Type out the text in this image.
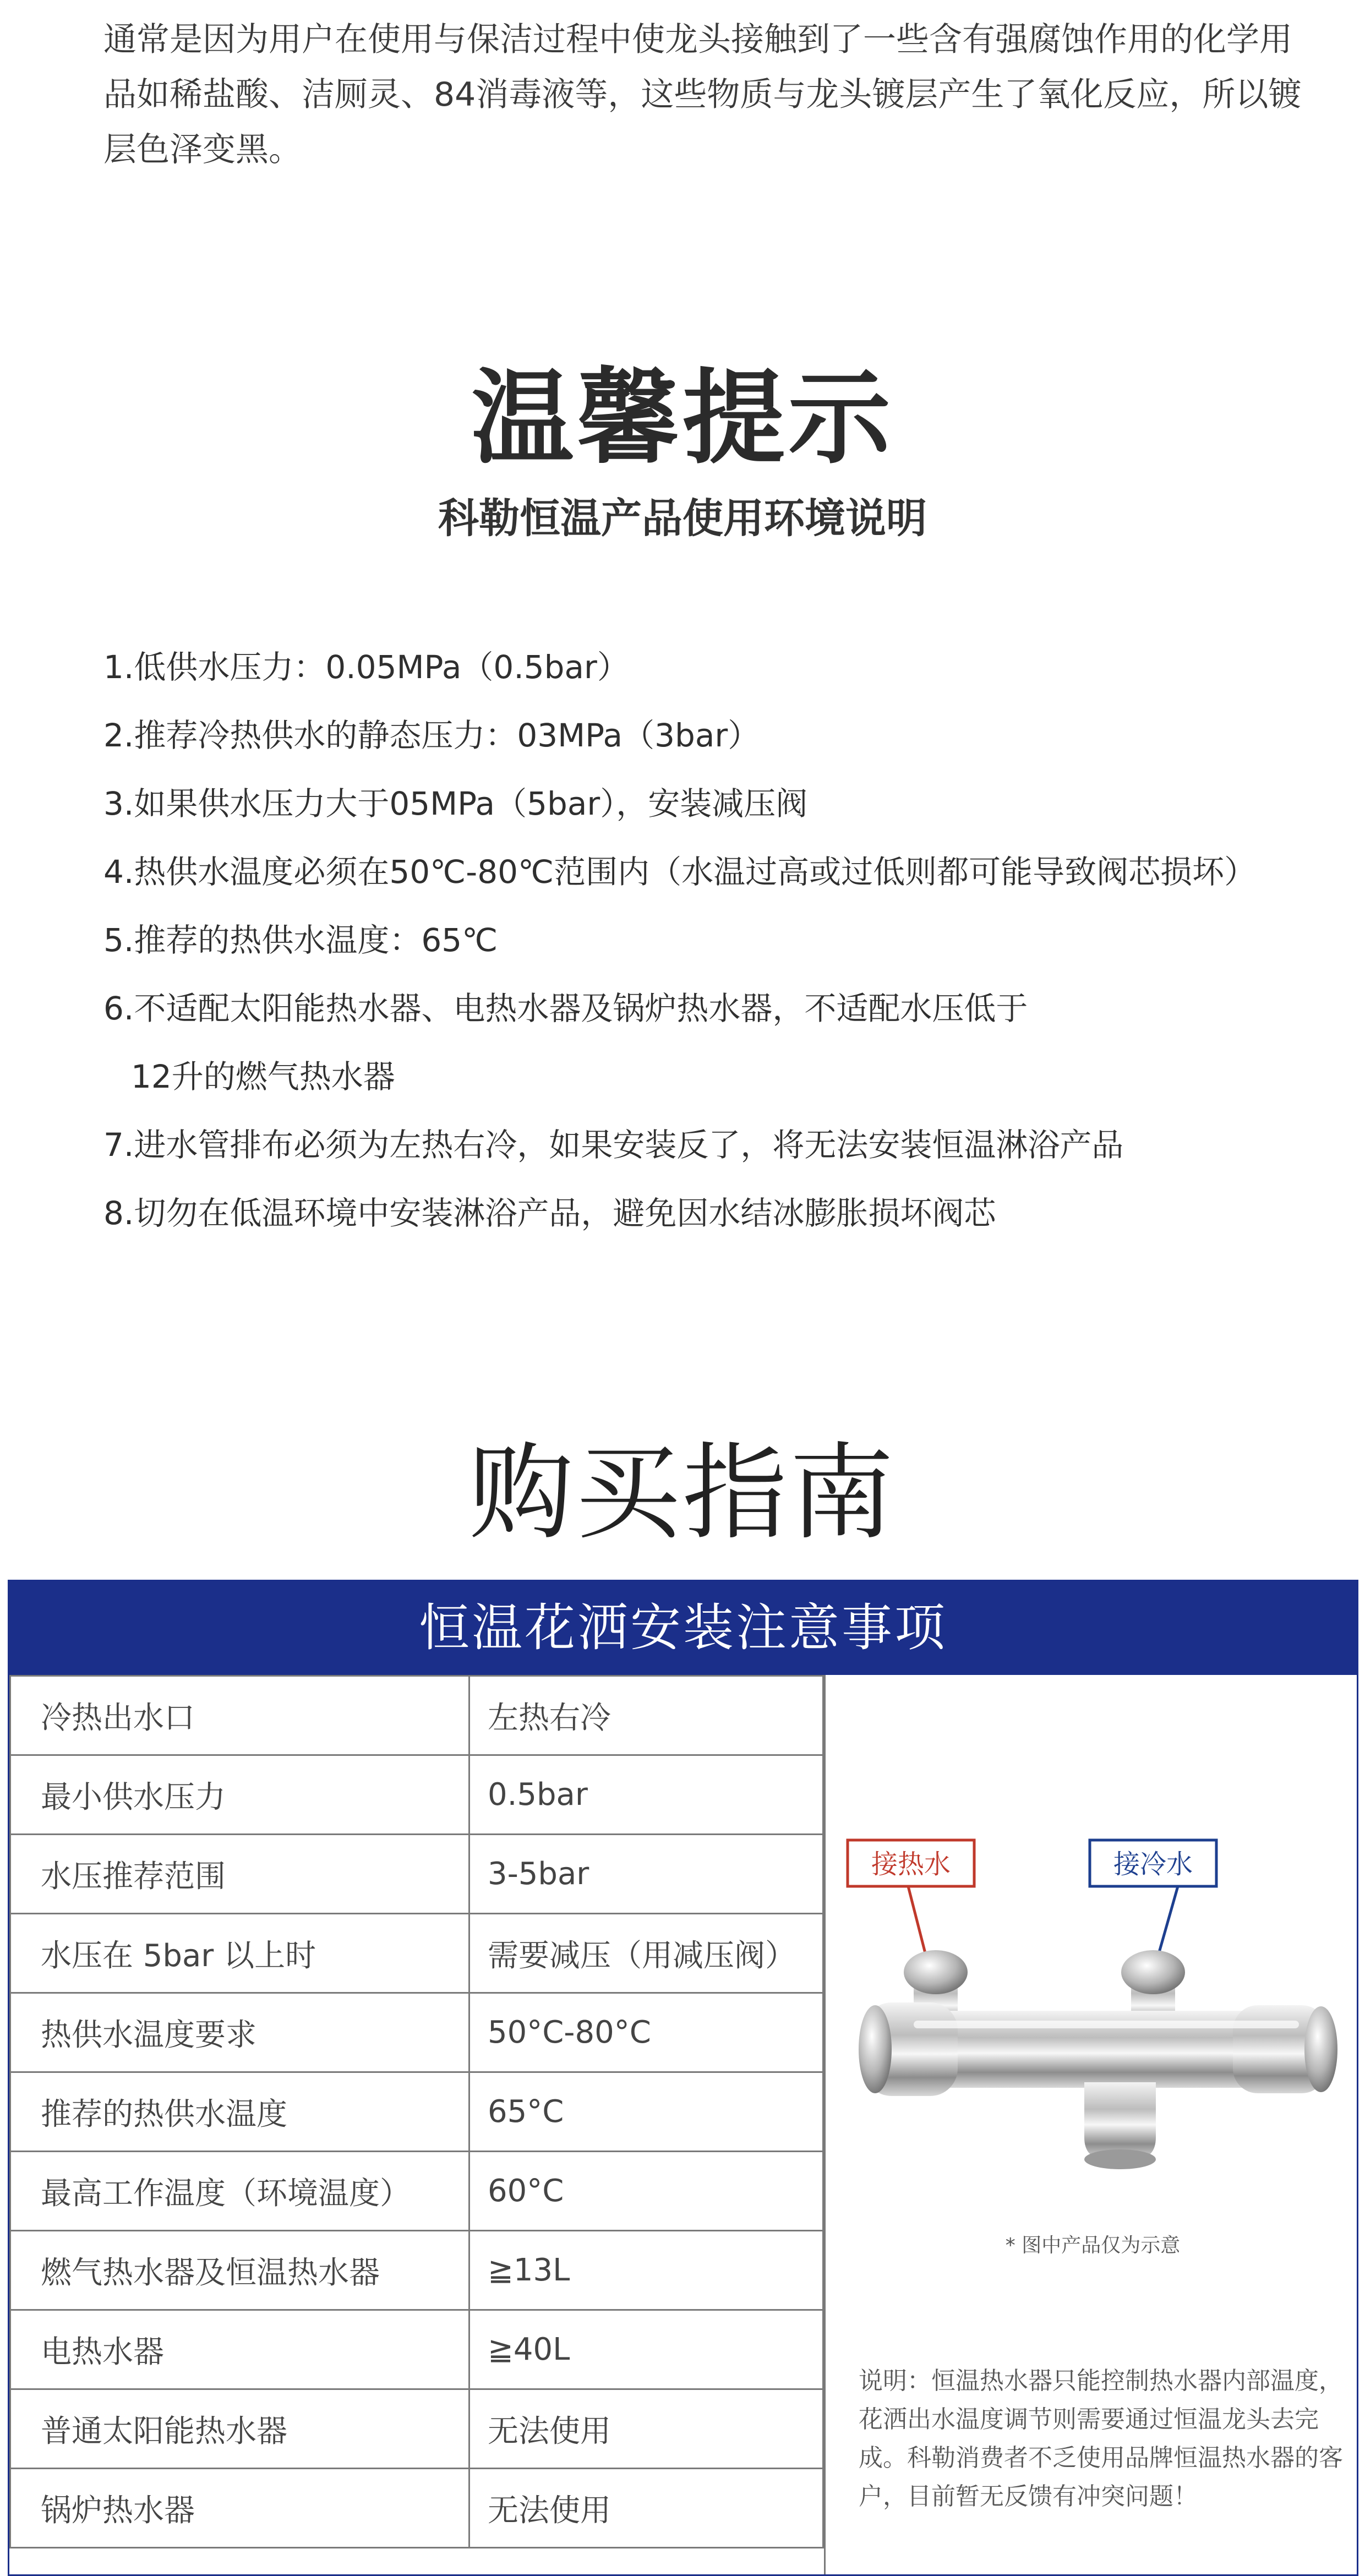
通常是因为用户在使用与保洁过程中使龙头接触到了一些含有强腐蚀作用的化学用品如稀盐酸、洁厕灵、84消毒液等，这些物质与龙头镀层产生了氧化反应，所以镀层色泽变黑。

温馨提示
科勒恒温产品使用环境说明
1.低供水压力：0.05MPa（0.5bar）
2.推荐冷热供水的静态压力：03MPa（3bar）
3.如果供水压力大于05MPa（5bar），安装减压阀
4.热供水温度必须在50℃-80℃范围内（水温过高或过低则都可能导致阀芯损坏）
5.推荐的热供水温度：65℃
6.不适配太阳能热水器、电热水器及锅炉热水器，不适配水压低于
12升的燃气热水器
7.进水管排布必须为左热右冷，如果安装反了，将无法安装恒温淋浴产品
8.切勿在低温环境中安装淋浴产品，避免因水结冰膨胀损坏阀芯
购买指南
恒温花洒安装注意事项
冷热出水口	左热右冷
最小供水压力	0.5bar
水压推荐范围	3-5bar
水压在 5bar 以上时	需要减压（用减压阀）
热供水温度要求	50°C-80°C
推荐的热供水温度	65°C
最高工作温度（环境温度）	60°C
燃气热水器及恒温热水器	≧13L
电热水器	≧40L
普通太阳能热水器	无法使用
锅炉热水器	无法使用
接热水	接冷水
* 图中产品仅为示意

说明：恒温热水器只能控制热水器内部温度，花洒出水温度调节则需要通过恒温龙头去完成。科勒消费者不乏使用品牌恒温热水器的客户，目前暂无反馈有冲突问题！
